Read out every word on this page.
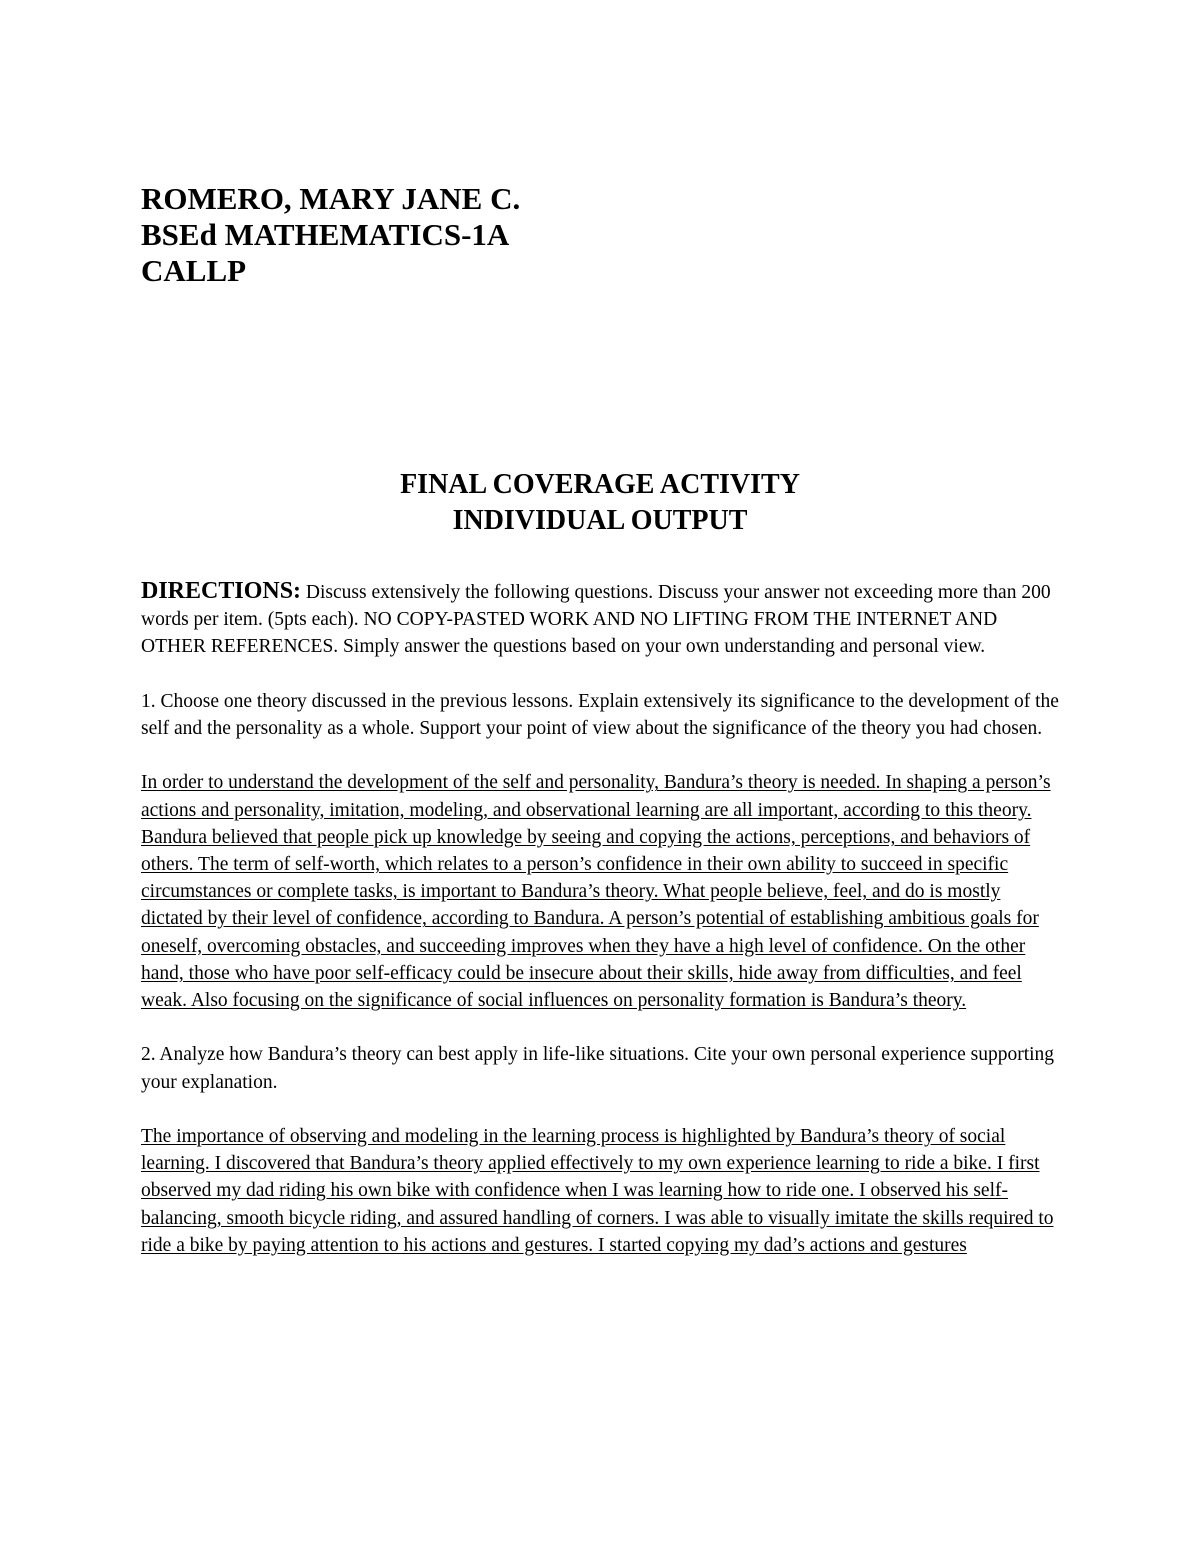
ROMERO, MARY JANE C.
BSEd MATHEMATICS-1A
CALLP
FINAL COVERAGE ACTIVITY
INDIVIDUAL OUTPUT

DIRECTIONS: Discuss extensively the following questions. Discuss your answer not exceeding more than 200 words per item. (5pts each). NO COPY-PASTED WORK AND NO LIFTING FROM THE INTERNET AND OTHER REFERENCES. Simply answer the questions based on your own understanding and personal view.

1. Choose one theory discussed in the previous lessons. Explain extensively its significance to the development of the self and the personality as a whole. Support your point of view about the significance of the theory you had chosen.

In order to understand the development of the self and personality, Bandura’s theory is needed. In shaping a person’s actions and personality, imitation, modeling, and observational learning are all important, according to this theory. Bandura believed that people pick up knowledge by seeing and copying the actions, perceptions, and behaviors of others. The term of self-worth, which relates to a person’s confidence in their own ability to succeed in specific circumstances or complete tasks, is important to Bandura’s theory. What people believe, feel, and do is mostly dictated by their level of confidence, according to Bandura. A person’s potential of establishing ambitious goals for oneself, overcoming obstacles, and succeeding improves when they have a high level of confidence. On the other hand, those who have poor self-efficacy could be insecure about their skills, hide away from difficulties, and feel weak. Also focusing on the significance of social influences on personality formation is Bandura’s theory.

2. Analyze how Bandura’s theory can best apply in life-like situations. Cite your own personal experience supporting your explanation.

The importance of observing and modeling in the learning process is highlighted by Bandura’s theory of social learning. I discovered that Bandura’s theory applied effectively to my own experience learning to ride a bike. I first observed my dad riding his own bike with confidence when I was learning how to ride one. I observed his self-balancing, smooth bicycle riding, and assured handling of corners. I was able to visually imitate the skills required to ride a bike by paying attention to his actions and gestures. I started copying my dad’s actions and gestures
